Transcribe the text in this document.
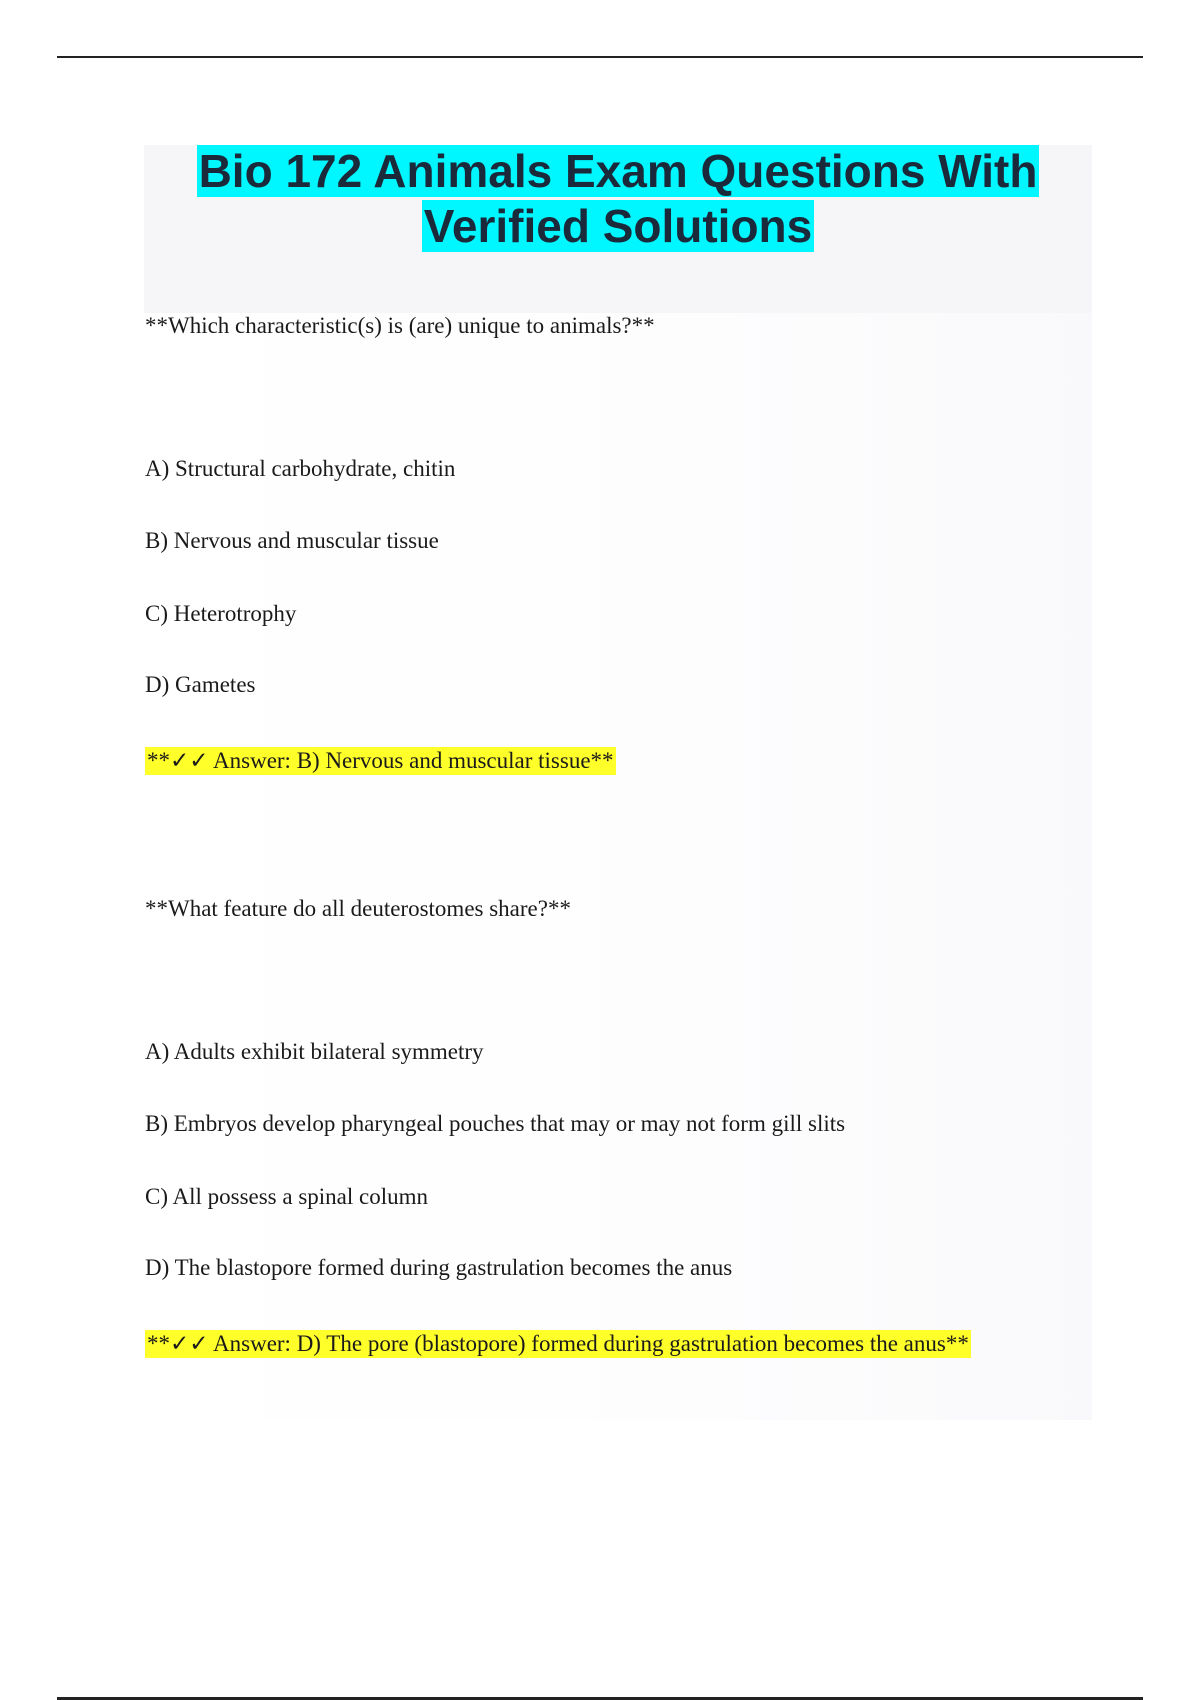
Bio 172 Animals Exam Questions With
Verified Solutions

**Which characteristic(s) is (are) unique to animals?**

A) Structural carbohydrate, chitin

B) Nervous and muscular tissue

C) Heterotrophy

D) Gametes

**✓✓ Answer: B) Nervous and muscular tissue**

**What feature do all deuterostomes share?**

A) Adults exhibit bilateral symmetry

B) Embryos develop pharyngeal pouches that may or may not form gill slits

C) All possess a spinal column

D) The blastopore formed during gastrulation becomes the anus

**✓✓ Answer: D) The pore (blastopore) formed during gastrulation becomes the anus**
